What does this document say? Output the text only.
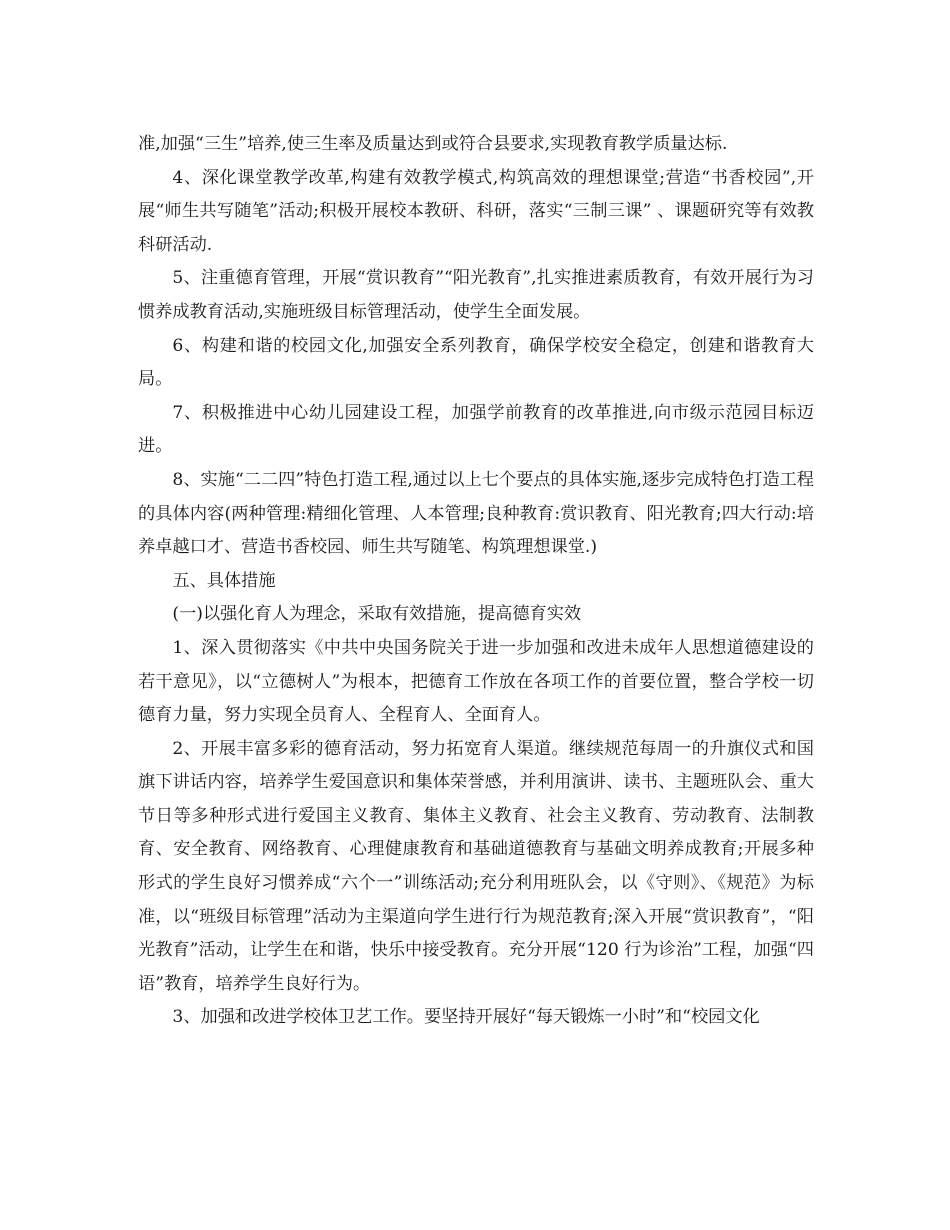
准,加强“三生”培养,使三生率及质量达到或符合县要求,实现教育教学质量达标.

4、深化课堂教学改革,构建有效教学模式,构筑高效的理想课堂;营造“书香校园”,开展“师生共写随笔”活动;积极开展校本教研、科研，落实“三制三课” 、课题研究等有效教科研活动.

5、注重德育管理，开展“赏识教育”“阳光教育”,扎实推进素质教育，有效开展行为习惯养成教育活动,实施班级目标管理活动，使学生全面发展。

6、构建和谐的校园文化,加强安全系列教育，确保学校安全稳定，创建和谐教育大局。

7、积极推进中心幼儿园建设工程，加强学前教育的改革推进,向市级示范园目标迈进。

8、实施“二二四”特色打造工程,通过以上七个要点的具体实施,逐步完成特色打造工程的具体内容(两种管理:精细化管理、人本管理;良种教育:赏识教育、阳光教育;四大行动:培养卓越口才、营造书香校园、师生共写随笔、构筑理想课堂.)

五、具体措施

(一)以强化育人为理念，采取有效措施，提高德育实效

1、深入贯彻落实《中共中央国务院关于进一步加强和改进未成年人思想道德建设的若干意见》，以“立德树人”为根本，把德育工作放在各项工作的首要位置，整合学校一切德育力量，努力实现全员育人、全程育人、全面育人。

2、开展丰富多彩的德育活动，努力拓宽育人渠道。继续规范每周一的升旗仪式和国旗下讲话内容，培养学生爱国意识和集体荣誉感，并利用演讲、读书、主题班队会、重大节日等多种形式进行爱国主义教育、集体主义教育、社会主义教育、劳动教育、法制教育、安全教育、网络教育、心理健康教育和基础道德教育与基础文明养成教育;开展多种形式的学生良好习惯养成“六个一”训练活动;充分利用班队会，以《守则》、《规范》为标准，以“班级目标管理”活动为主渠道向学生进行行为规范教育;深入开展“赏识教育”，“阳光教育”活动，让学生在和谐，快乐中接受教育。充分开展“120 行为诊治”工程，加强“四语”教育，培养学生良好行为。

3、加强和改进学校体卫艺工作。要坚持开展好“每天锻炼一小时”和“校园文化
